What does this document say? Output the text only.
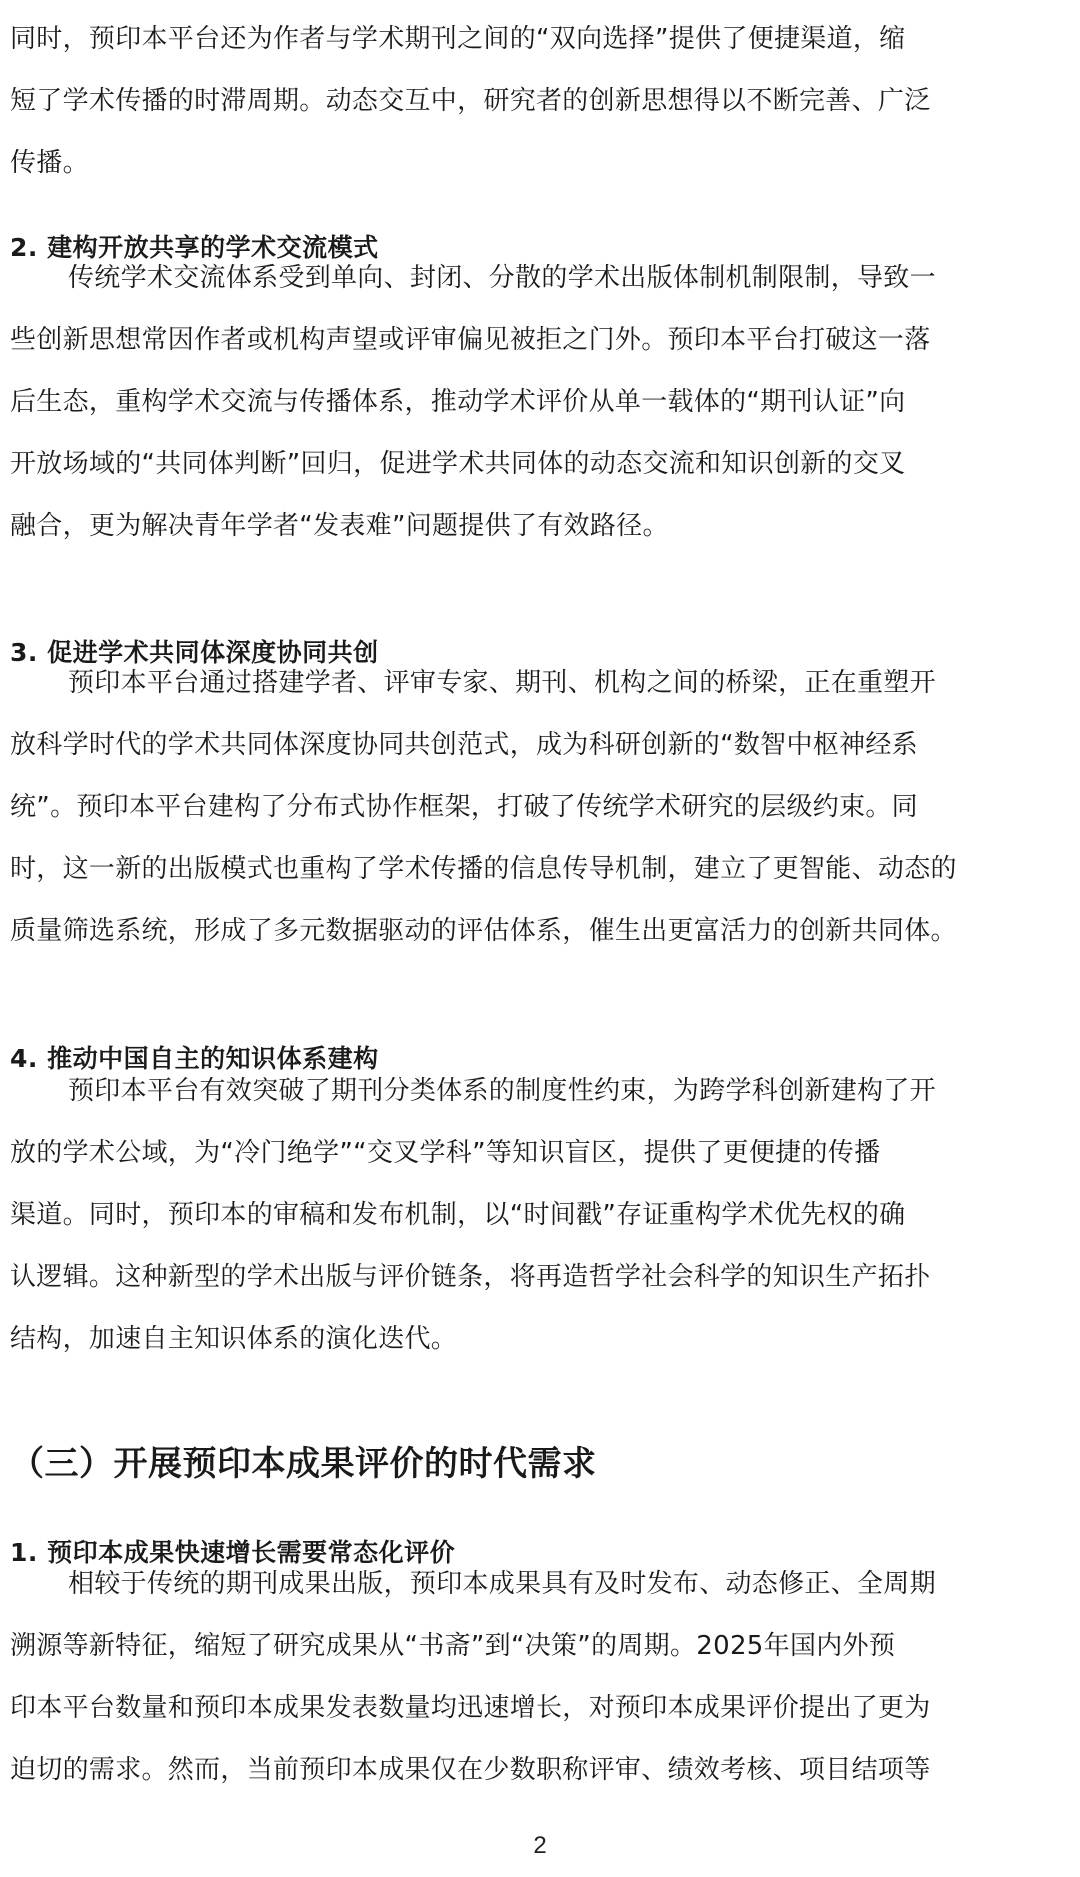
同时，预印本平台还为作者与学术期刊之间的“双向选择”提供了便捷渠道，缩
短了学术传播的时滞周期。动态交互中，研究者的创新思想得以不断完善、广泛
传播。
2. 建构开放共享的学术交流模式
传统学术交流体系受到单向、封闭、分散的学术出版体制机制限制，导致一
些创新思想常因作者或机构声望或评审偏见被拒之门外。预印本平台打破这一落
后生态，重构学术交流与传播体系，推动学术评价从单一载体的“期刊认证”向
开放场域的“共同体判断”回归，促进学术共同体的动态交流和知识创新的交叉
融合，更为解决青年学者“发表难”问题提供了有效路径。
3. 促进学术共同体深度协同共创
预印本平台通过搭建学者、评审专家、期刊、机构之间的桥梁，正在重塑开
放科学时代的学术共同体深度协同共创范式，成为科研创新的“数智中枢神经系
统”。预印本平台建构了分布式协作框架，打破了传统学术研究的层级约束。同
时，这一新的出版模式也重构了学术传播的信息传导机制，建立了更智能、动态的
质量筛选系统，形成了多元数据驱动的评估体系，催生出更富活力的创新共同体。
4. 推动中国自主的知识体系建构
预印本平台有效突破了期刊分类体系的制度性约束，为跨学科创新建构了开
放的学术公域，为“冷门绝学”“交叉学科”等知识盲区，提供了更便捷的传播
渠道。同时，预印本的审稿和发布机制，以“时间戳”存证重构学术优先权的确
认逻辑。这种新型的学术出版与评价链条，将再造哲学社会科学的知识生产拓扑
结构，加速自主知识体系的演化迭代。
（三）开展预印本成果评价的时代需求
1. 预印本成果快速增长需要常态化评价
相较于传统的期刊成果出版，预印本成果具有及时发布、动态修正、全周期
溯源等新特征，缩短了研究成果从“书斋”到“决策”的周期。2025年国内外预
印本平台数量和预印本成果发表数量均迅速增长，对预印本成果评价提出了更为
迫切的需求。然而，当前预印本成果仅在少数职称评审、绩效考核、项目结项等
2
